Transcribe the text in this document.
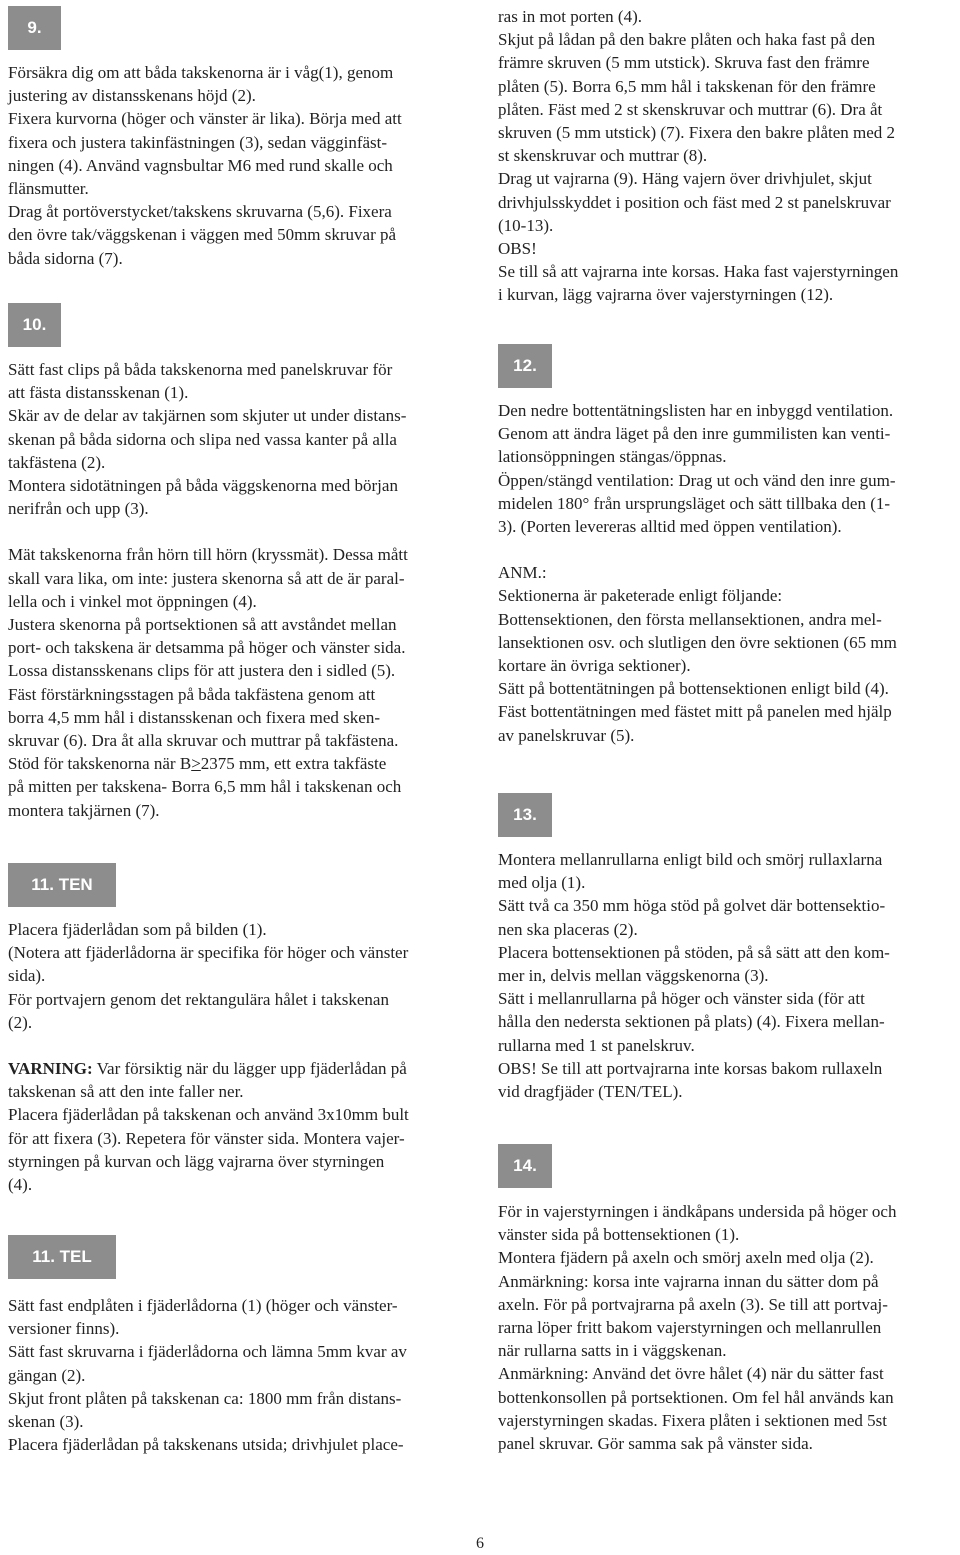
9.

Försäkra dig om att båda takskenorna är i våg(1), genom

justering av distansskenans höjd (2).

Fixera kurvorna (höger och vänster är lika). Börja med att

fixera och justera takinfästningen (3), sedan vägginfäst-

ningen (4). Använd vagnsbultar M6 med rund skalle och

flänsmutter.

Drag åt portöverstycket/takskens skruvarna (5,6). Fixera

den övre tak/väggskenan i väggen med 50mm skruvar på

båda sidorna (7).

10.

Sätt fast clips på båda takskenorna med panelskruvar för

att fästa distansskenan (1).

Skär av de delar av takjärnen som skjuter ut under distans-

skenan på båda sidorna och slipa ned vassa kanter på alla

takfästena (2).

Montera sidotätningen på båda väggskenorna med början

nerifrån och upp (3).

Mät takskenorna från hörn till hörn (kryssmät). Dessa mått

skall vara lika, om inte: justera skenorna så att de är paral-

lella och i vinkel mot öppningen (4).

Justera skenorna på portsektionen så att avståndet mellan

port- och takskena är detsamma på höger och vänster sida.

Lossa distansskenans clips för att justera den i sidled (5).

Fäst förstärkningsstagen på båda takfästena genom att

borra 4,5 mm hål i distansskenan och fixera med sken-

skruvar (6). Dra åt alla skruvar och muttrar på takfästena.

Stöd för takskenorna när B>2375 mm, ett extra takfäste

på mitten per takskena- Borra 6,5 mm hål i takskenan och

montera takjärnen (7).

11. TEN

Placera fjäderlådan som på bilden (1).

(Notera att fjäderlådorna är specifika för höger och vänster

sida).

För portvajern genom det rektangulära hålet i takskenan

(2).

VARNING: Var försiktig när du lägger upp fjäderlådan på

takskenan så att den inte faller ner.

Placera fjäderlådan på takskenan och använd 3x10mm bult

för att fixera (3). Repetera för vänster sida. Montera vajer-

styrningen på kurvan och lägg vajrarna över styrningen

(4).

11. TEL

Sätt fast endplåten i fjäderlådorna (1) (höger och vänster-

versioner finns).

Sätt fast skruvarna i fjäderlådorna och lämna 5mm kvar av

gängan (2).

Skjut front plåten på takskenan ca: 1800 mm från distans-

skenan (3).

Placera fjäderlådan på takskenans utsida; drivhjulet place-

ras in mot porten (4).

Skjut på lådan på den bakre plåten och haka fast på den

främre skruven (5 mm utstick). Skruva fast den främre

plåten (5). Borra 6,5 mm hål i takskenan för den främre

plåten. Fäst med 2 st skenskruvar och muttrar (6). Dra åt

skruven (5 mm utstick) (7). Fixera den bakre plåten med 2

st skenskruvar och muttrar (8).

Drag ut vajrarna (9). Häng vajern över drivhjulet, skjut

drivhjulsskyddet i position och fäst med 2 st panelskruvar

(10-13).

OBS!

Se till så att vajrarna inte korsas. Haka fast vajerstyrningen

i kurvan, lägg vajrarna över vajerstyrningen (12).

12.

Den nedre bottentätningslisten har en inbyggd ventilation.

Genom att ändra läget på den inre gummilisten kan venti-

lationsöppningen stängas/öppnas.

Öppen/stängd ventilation: Drag ut och vänd den inre gum-

midelen 180° från ursprungsläget och sätt tillbaka den (1-

3). (Porten levereras alltid med öppen ventilation).

ANM.:

Sektionerna är paketerade enligt följande:

Bottensektionen, den första mellansektionen, andra mel-

lansektionen osv. och slutligen den övre sektionen (65 mm

kortare än övriga sektioner).

Sätt på bottentätningen på bottensektionen enligt bild (4).

Fäst bottentätningen med fästet mitt på panelen med hjälp

av panelskruvar (5).

13.

Montera mellanrullarna enligt bild och smörj rullaxlarna

med olja (1).

Sätt två ca 350 mm höga stöd på golvet där bottensektio-

nen ska placeras (2).

Placera bottensektionen på stöden, på så sätt att den kom-

mer in, delvis mellan väggskenorna (3).

Sätt i mellanrullarna på höger och vänster sida (för att

hålla den nedersta sektionen på plats) (4). Fixera mellan-

rullarna med 1 st panelskruv.

OBS! Se till att portvajrarna inte korsas bakom rullaxeln

vid dragfjäder (TEN/TEL).

14.

För in vajerstyrningen i ändkåpans undersida på höger och

vänster sida på bottensektionen (1).

Montera fjädern på axeln och smörj axeln med olja (2).

Anmärkning: korsa inte vajrarna innan du sätter dom på

axeln. För på portvajrarna på axeln (3). Se till att portvaj-

rarna löper fritt bakom vajerstyrningen och mellanrullen

när rullarna satts in i väggskenan.

Anmärkning: Använd det övre hålet (4) när du sätter fast

bottenkonsollen på portsektionen. Om fel hål används kan

vajerstyrningen skadas. Fixera plåten i sektionen med 5st

panel skruvar. Gör samma sak på vänster sida.

6
